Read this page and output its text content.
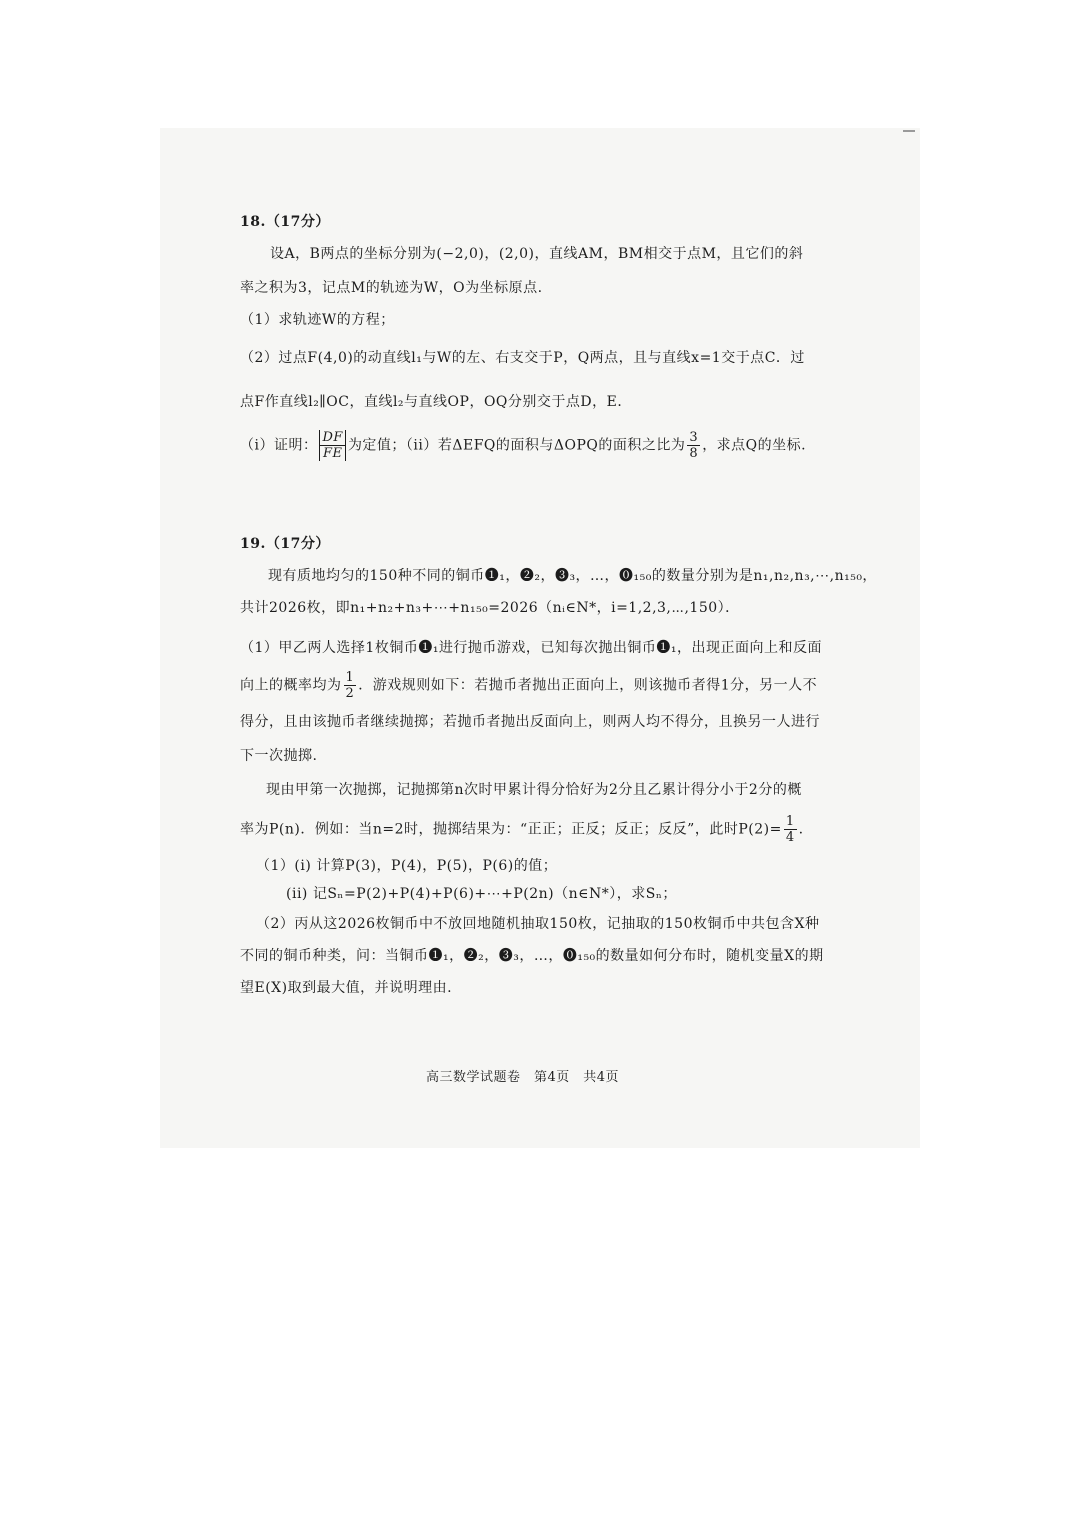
18.（17分）
设A，B两点的坐标分别为(−2,0)，(2,0)，直线AM，BM相交于点M，且它们的斜
率之积为3，记点M的轨迹为W，O为坐标原点.
（1）求轨迹W的方程；
（2）过点F(4,0)的动直线l₁与W的左、右支交于P，Q两点，且与直线x=1交于点C．过
点F作直线l₂∥OC，直线l₂与直线OP，OQ分别交于点D，E．
（i）证明： $\frac{DF}{FE}$ 为定值；（ii）若ΔEFQ的面积与ΔOPQ的面积之比为 $\frac{3}{8}$ ，求点Q的坐标.
19.（17分）
现有质地均匀的150种不同的铜币❶₁，❷₂，❸₃，…，⓿₁₅₀的数量分别为是n₁,n₂,n₃,⋯,n₁₅₀，
共计2026枚，即n₁+n₂+n₃+⋯+n₁₅₀=2026（nᵢ∈N*，i=1,2,3,⋯,150）．
（1）甲乙两人选择1枚铜币❶₁进行抛币游戏，已知每次抛出铜币❶₁，出现正面向上和反面
向上的概率均为 $\frac{1}{2}$ ．游戏规则如下：若抛币者抛出正面向上，则该抛币者得1分，另一人不
得分，且由该抛币者继续抛掷；若抛币者抛出反面向上，则两人均不得分，且换另一人进行
下一次抛掷.
现由甲第一次抛掷，记抛掷第n次时甲累计得分恰好为2分且乙累计得分小于2分的概
率为P(n)．例如：当n=2时，抛掷结果为：“正正；正反；反正；反反”，此时$P(2)= \frac{1}{4}$ .
（1）(i) 计算P(3)，P(4)，P(5)，P(6)的值；
(ii) 记Sₙ=P(2)+P(4)+P(6)+⋯+P(2n)（n∈N*），求Sₙ；
（2）丙从这2026枚铜币中不放回地随机抽取150枚，记抽取的150枚铜币中共包含X种
不同的铜币种类，问：当铜币❶₁，❷₂，❸₃，…，⓿₁₅₀的数量如何分布时，随机变量X的期
望E(X)取到最大值，并说明理由.
高三数学试题卷　第4页　共4页
